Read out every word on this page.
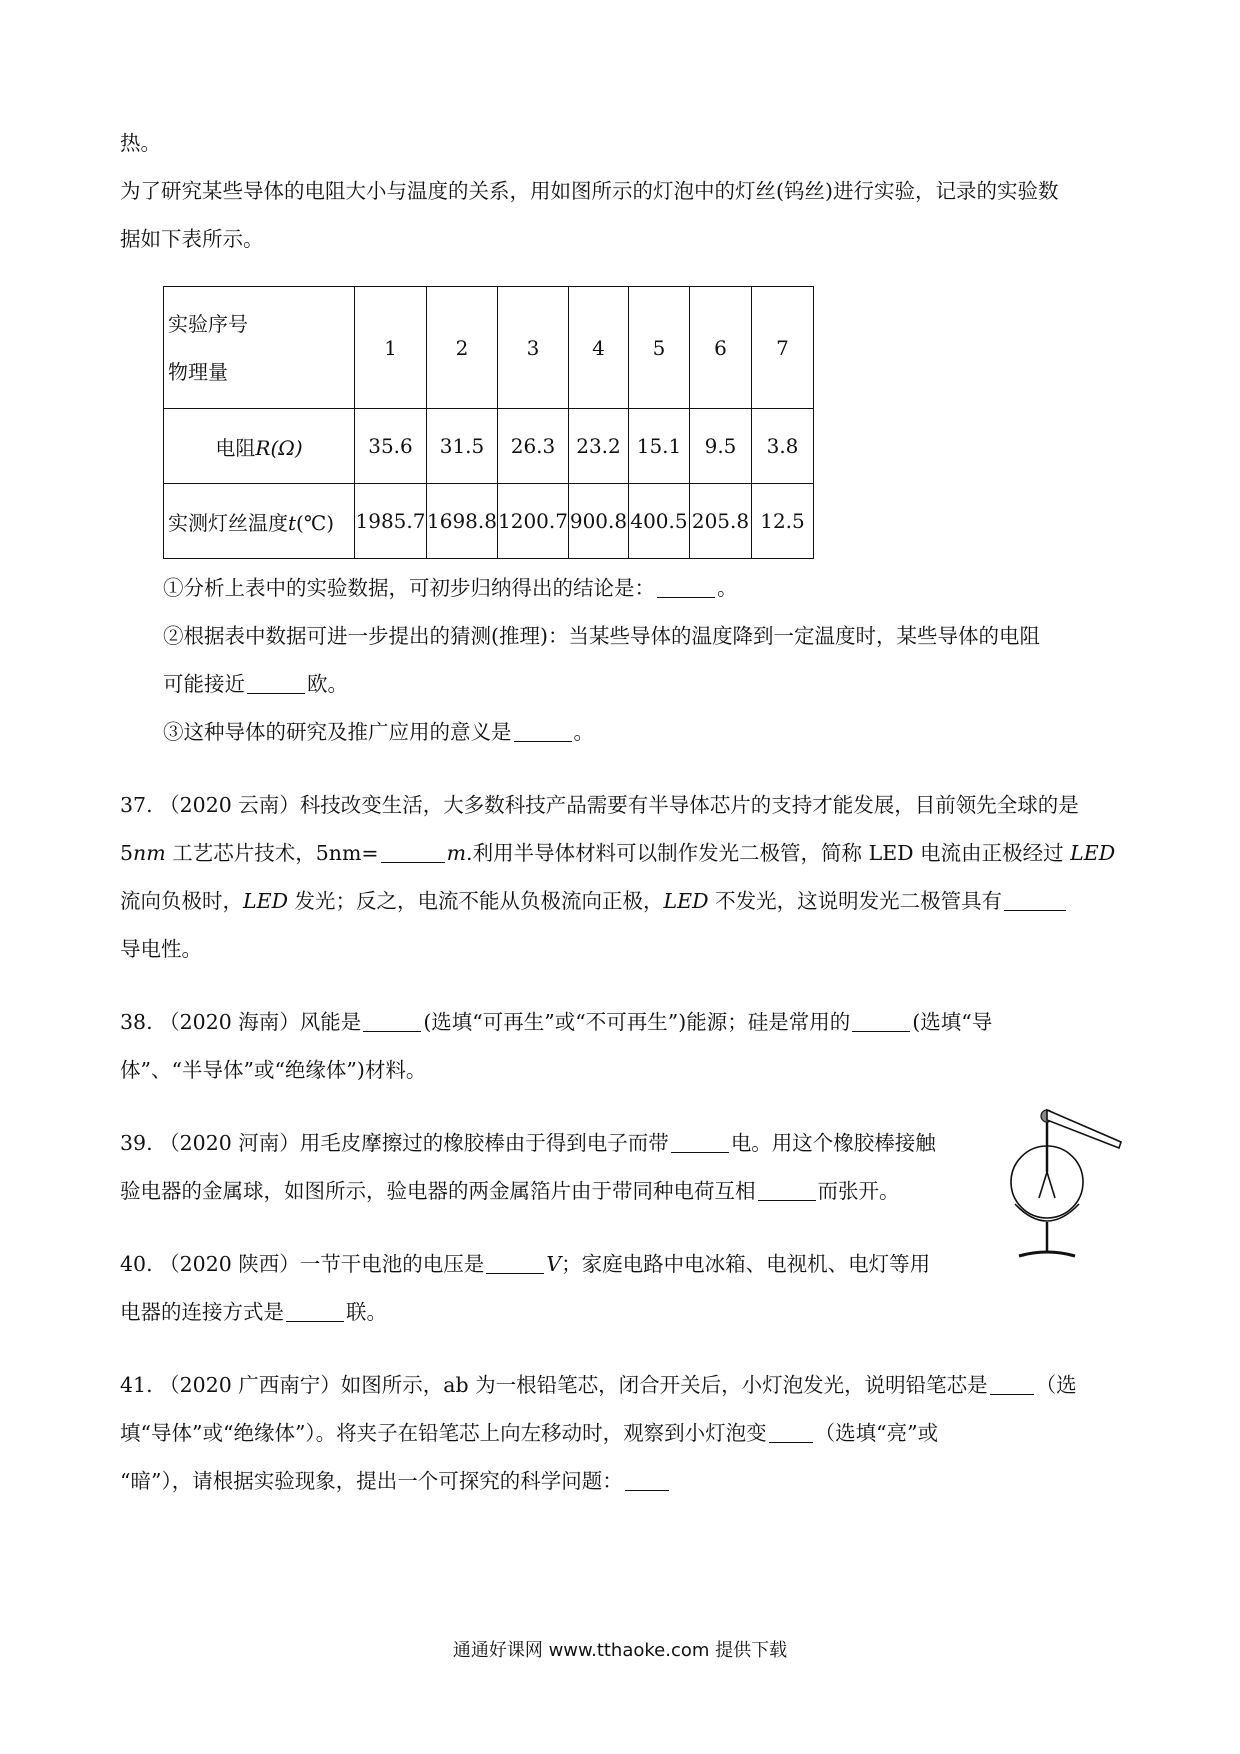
热。
为了研究某些导体的电阻大小与温度的关系，用如图所示的灯泡中的灯丝(钨丝)进行实验，记录的实验数
据如下表所示。
实验序号
物理量	1	2	3	4	5	6	7
电阻R(Ω)	35.6	31.5	26.3	23.2	15.1	9.5	3.8
实测灯丝温度t(℃)	1985.7	1698.8	1200.7	900.8	400.5	205.8	12.5
①分析上表中的实验数据，可初步归纳得出的结论是：	。
②根据表中数据可进一步提出的猜测(推理)：当某些导体的温度降到一定温度时，某些导体的电阻
可能接近	欧。
③这种导体的研究及推广应用的意义是	。
37. （2020 云南）科技改变生活，大多数科技产品需要有半导体芯片的支持才能发展，目前领先全球的是
5nm 工艺芯片技术，5nm=	m.利用半导体材料可以制作发光二极管，简称 LED 电流由正极经过 LED
流向负极时，LED 发光；反之，电流不能从负极流向正极，LED 不发光，这说明发光二极管具有
导电性。
38. （2020 海南）风能是	(选填“可再生”或“不可再生”)能源；硅是常用的	(选填“导
体”、“半导体”或“绝缘体”)材料。
39. （2020 河南）用毛皮摩擦过的橡胶棒由于得到电子而带	电。用这个橡胶棒接触
验电器的金属球，如图所示，验电器的两金属箔片由于带同种电荷互相	而张开。
40. （2020 陕西）一节干电池的电压是	V；家庭电路中电冰箱、电视机、电灯等用
电器的连接方式是	联。
41. （2020 广西南宁）如图所示，ab 为一根铅笔芯，闭合开关后，小灯泡发光，说明铅笔芯是 （选
填“导体”或“绝缘体”）。将夹子在铅笔芯上向左移动时，观察到小灯泡变 （选填“亮”或
“暗”），请根据实验现象，提出一个可探究的科学问题：
通通好课网 www.tthaoke.com 提供下载
